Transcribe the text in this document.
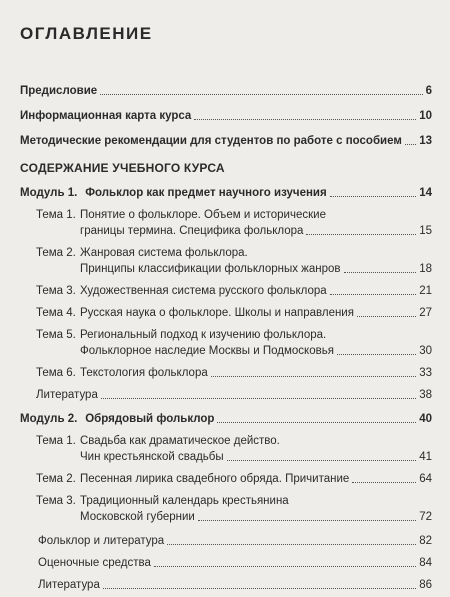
ОГЛАВЛЕНИЕ
Предисловие	6
Информационная карта курса	10
Методические рекомендации для студентов по работе с пособием 13
СОДЕРЖАНИЕ УЧЕБНОГО КУРСА
Модуль 1. Фольклор как предмет научного изучения	14
Тема 1. Понятие о фольклоре. Объем и исторические
границы термина. Специфика фольклора	15
Тема 2. Жанровая система фольклора.
Принципы классификации фольклорных жанров	18
Тема 3. Художественная система русского фольклора	21
Тема 4. Русская наука о фольклоре. Школы и направления	27
Тема 5. Региональный подход к изучению фольклора.
Фольклорное наследие Москвы и Подмосковья	30
Тема 6. Текстология фольклора	33
Литература	38
Модуль 2. Обрядовый фольклор	40
Тема 1. Свадьба как драматическое действо.
Чин крестьянской свадьбы	41
Тема 2. Песенная лирика свадебного обряда. Причитание	64
Тема 3. Традиционный календарь крестьянина
Московской губернии	72
Фольклор и литература	82
Оценочные средства	84
Литература	86
